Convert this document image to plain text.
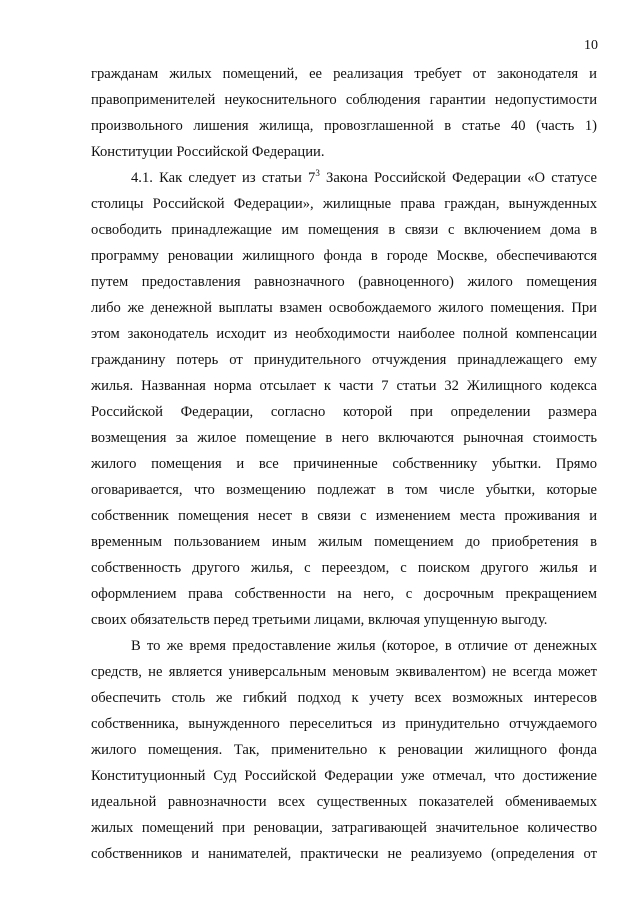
10
гражданам жилых помещений, ее реализация требует от законодателя и
правоприменителей неукоснительного соблюдения гарантии недопустимости
произвольного лишения жилища, провозглашенной в статье 40 (часть 1)
Конституции Российской Федерации.
4.1. Как следует из статьи $7^3$ Закона Российской Федерации «О статусе
столицы Российской Федерации», жилищные права граждан, вынужденных
освободить принадлежащие им помещения в связи с включением дома в
программу реновации жилищного фонда в городе Москве, обеспечиваются
путем предоставления равнозначного (равноценного) жилого помещения
либо же денежной выплаты взамен освобождаемого жилого помещения. При
этом законодатель исходит из необходимости наиболее полной компенсации
гражданину потерь от принудительного отчуждения принадлежащего ему
жилья. Названная норма отсылает к части 7 статьи 32 Жилищного кодекса
Российской Федерации, согласно которой при определении размера
возмещения за жилое помещение в него включаются рыночная стоимость
жилого помещения и все причиненные собственнику убытки. Прямо
оговаривается, что возмещению подлежат в том числе убытки, которые
собственник помещения несет в связи с изменением места проживания и
временным пользованием иным жилым помещением до приобретения в
собственность другого жилья, с переездом, с поиском другого жилья и
оформлением права собственности на него, с досрочным прекращением
своих обязательств перед третьими лицами, включая упущенную выгоду.
В то же время предоставление жилья (которое, в отличие от денежных
средств, не является универсальным меновым эквивалентом) не всегда может
обеспечить столь же гибкий подход к учету всех возможных интересов
собственника, вынужденного переселиться из принудительно отчуждаемого
жилого помещения. Так, применительно к реновации жилищного фонда
Конституционный Суд Российской Федерации уже отмечал, что достижение
идеальной равнозначности всех существенных показателей обмениваемых
жилых помещений при реновации, затрагивающей значительное количество
собственников и нанимателей, практически не реализуемо (определения от
